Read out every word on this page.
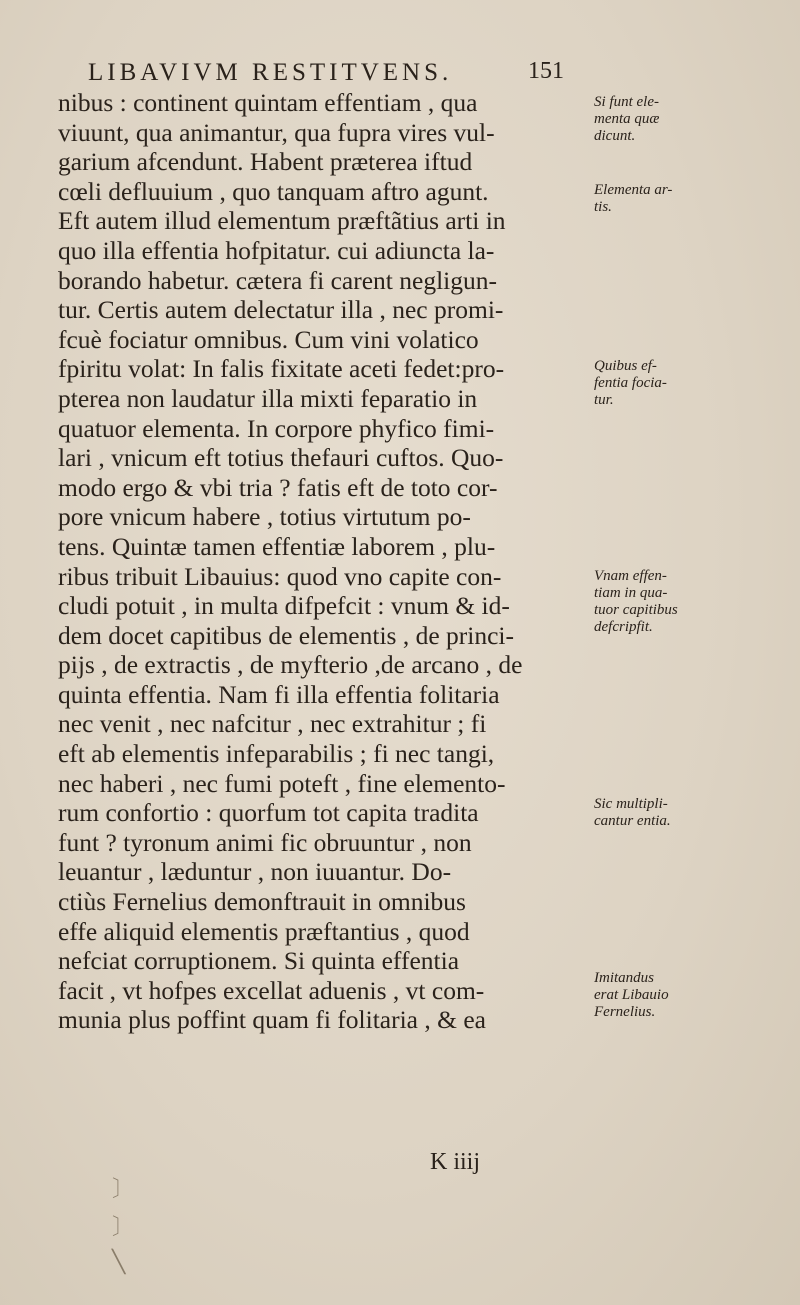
LIBAVIVM RESTITVENS.	151
nibus : continent quintam effentiam , qua
viuunt, qua animantur, qua fupra vires vul-
garium afcendunt. Habent prætereа iftud
cœli defluuium , quo tanquam aftro agunt.
Eft autem illud elementum præftãtius arti in
quo illa effentia hofpitatur. cui adiuncta la-
borando habetur. cætera fi carent negligun-
tur. Certis autem delectatur illa , nec promi-
fcuè fociatur omnibus. Cum vini volatico
fpiritu volat: In falis fixitate aceti fedet:pro-
pterea non laudatur illa mixti feparatio in
quatuor elementa. In corpore phyfico fimi-
lari , vnicum eft totius thefauri cuftos. Quo-
modo ergo & vbi tria ? fatis eft de toto cor-
pore vnicum habere , totius virtutum po-
tens. Quintæ tamen effentiæ laborem , plu-
ribus tribuit Libauius: quod vno capite con-
cludi potuit , in multa difpefcit : vnum & id-
dem docet capitibus de elementis , de princi-
pijs , de extractis , de myfterio ,de arcano , de
quinta effentia. Nam fi illa effentia folitaria
nec venit , nec nafcitur , nec extrahitur ; fi
eft ab elementis infeparabilis ; fi nec tangi,
nec haberi , nec fumi poteft , fine elemento-
rum confortio : quorfum tot capita tradita
funt ? tyronum animi fic obruuntur , non
leuantur , læduntur , non iuuantur. Do-
ctiùs Fernelius demonftrauit in omnibus
effe aliquid elementis præftantius , quod
nefciat corruptionem. Si quinta effentia
facit , vt hofpes excellat aduenis , vt com-
munia plus poffint quam fi folitaria , & ea
K iiij
Si funt ele-
menta quæ
dicunt.
Elementa ar-
tis.
Quibus ef-
fentia focia-
tur.
Vnam effen-
tiam in qua-
tuor capitibus
defcripfit.
Sic multipli-
cantur entia.
Imitandus
erat Libauio
Fernelius.
〕
〕
╲
